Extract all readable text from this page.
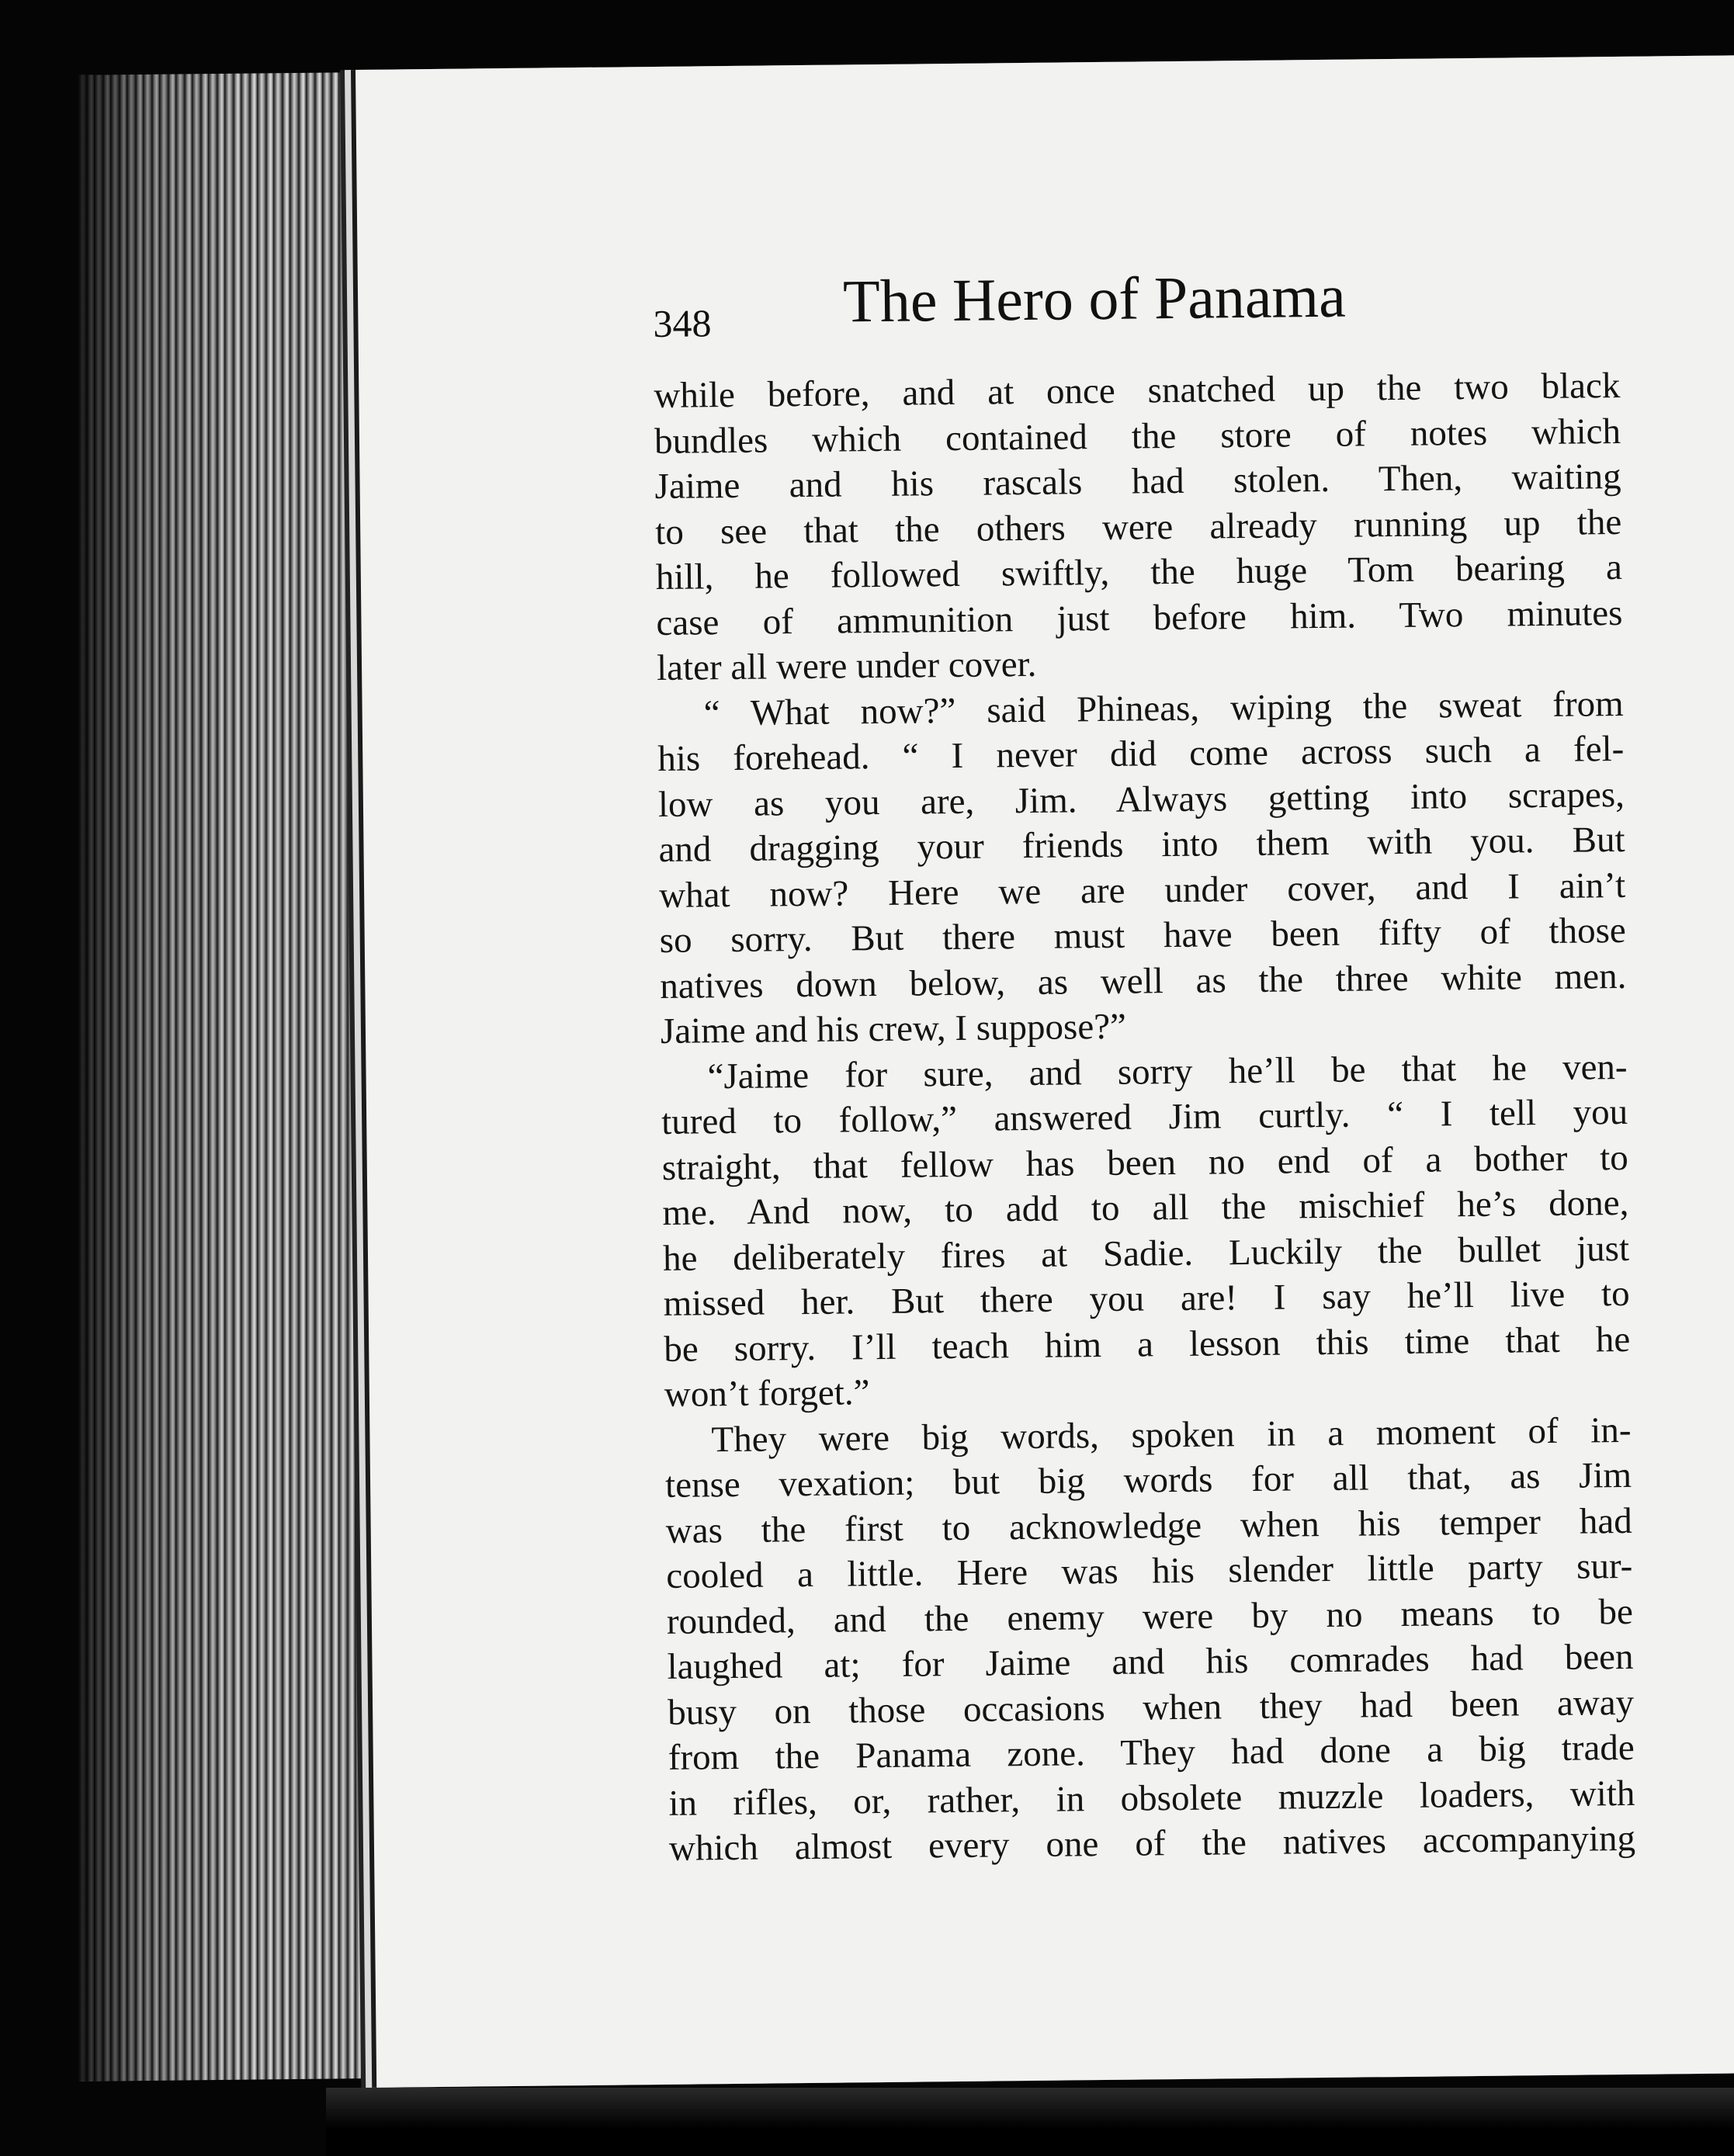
348 The Hero of Panama
while before, and at once snatched up the two black
bundles which contained the store of notes which
Jaime and his rascals had stolen. Then, waiting
to see that the others were already running up the
hill, he followed swiftly, the huge Tom bearing a
case of ammunition just before him. Two minutes
later all were under cover.
“ What now?” said Phineas, wiping the sweat from
his forehead. “ I never did come across such a fel-
low as you are, Jim. Always getting into scrapes,
and dragging your friends into them with you. But
what now? Here we are under cover, and I ain’t
so sorry. But there must have been fifty of those
natives down below, as well as the three white men.
Jaime and his crew, I suppose?”
“Jaime for sure, and sorry he’ll be that he ven-
tured to follow,” answered Jim curtly. “ I tell you
straight, that fellow has been no end of a bother to
me. And now, to add to all the mischief he’s done,
he deliberately fires at Sadie. Luckily the bullet just
missed her. But there you are! I say he’ll live to
be sorry. I’ll teach him a lesson this time that he
won’t forget.”
They were big words, spoken in a moment of in-
tense vexation; but big words for all that, as Jim
was the first to acknowledge when his temper had
cooled a little. Here was his slender little party sur-
rounded, and the enemy were by no means to be
laughed at; for Jaime and his comrades had been
busy on those occasions when they had been away
from the Panama zone. They had done a big trade
in rifles, or, rather, in obsolete muzzle loaders, with
which almost every one of the natives accompanying
